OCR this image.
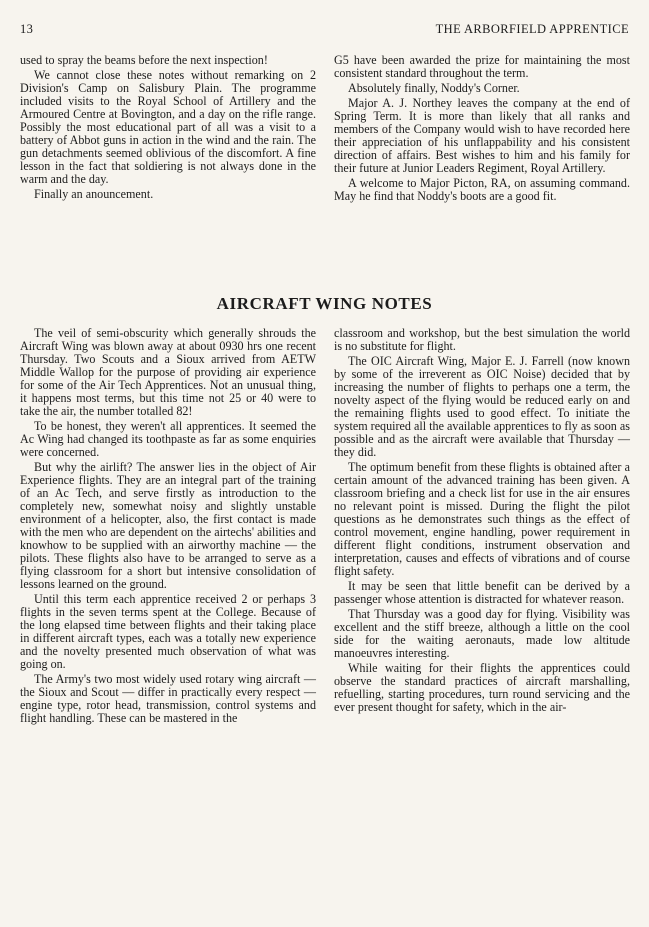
13	THE ARBORFIELD APPRENTICE

used to spray the beams before the next inspection!

We cannot close these notes without remarking on 2 Division's Camp on Salisbury Plain. The programme included visits to the Royal School of Artillery and the Armoured Centre at Bovington, and a day on the rifle range. Possibly the most educational part of all was a visit to a battery of Abbot guns in action in the wind and the rain. The gun detachments seemed oblivious of the discomfort. A fine lesson in the fact that soldiering is not always done in the warm and the day.

Finally an anouncement.

G5 have been awarded the prize for maintaining the most consistent standard throughout the term.

Absolutely finally, Noddy's Corner.

Major A. J. Northey leaves the company at the end of Spring Term. It is more than likely that all ranks and members of the Company would wish to have recorded here their appreciation of his unflappability and his consistent direction of affairs. Best wishes to him and his family for their future at Junior Leaders Regiment, Royal Artillery.

A welcome to Major Picton, RA, on assuming command. May he find that Noddy's boots are a good fit.

AIRCRAFT WING NOTES

The veil of semi-obscurity which generally shrouds the Aircraft Wing was blown away at about 0930 hrs one recent Thursday. Two Scouts and a Sioux arrived from AETW Middle Wallop for the purpose of providing air experience for some of the Air Tech Apprentices. Not an unusual thing, it happens most terms, but this time not 25 or 40 were to take the air, the number totalled 82!

To be honest, they weren't all apprentices. It seemed the Ac Wing had changed its toothpaste as far as some enquiries were concerned.

But why the airlift? The answer lies in the object of Air Experience flights. They are an integral part of the training of an Ac Tech, and serve firstly as introduction to the completely new, somewhat noisy and slightly unstable environment of a helicopter, also, the first contact is made with the men who are dependent on the airtechs' abilities and knowhow to be supplied with an airworthy machine — the pilots. These flights also have to be arranged to serve as a flying classroom for a short but intensive consolidation of lessons learned on the ground.

Until this term each apprentice received 2 or perhaps 3 flights in the seven terms spent at the College. Because of the long elapsed time between flights and their taking place in different aircraft types, each was a totally new experience and the novelty presented much observation of what was going on.

The Army's two most widely used rotary wing aircraft — the Sioux and Scout — differ in practically every respect — engine type, rotor head, transmission, control systems and flight handling. These can be mastered in the

classroom and workshop, but the best simulation the world is no substitute for flight.

The OIC Aircraft Wing, Major E. J. Farrell (now known by some of the irreverent as OIC Noise) decided that by increasing the number of flights to perhaps one a term, the novelty aspect of the flying would be reduced early on and the remaining flights used to good effect. To initiate the system required all the available apprentices to fly as soon as possible and as the aircraft were available that Thursday — they did.

The optimum benefit from these flights is obtained after a certain amount of the advanced training has been given. A classroom briefing and a check list for use in the air ensures no relevant point is missed. During the flight the pilot questions as he demonstrates such things as the effect of control movement, engine handling, power requirement in different flight conditions, instrument observation and interpretation, causes and effects of vibrations and of course flight safety.

It may be seen that little benefit can be derived by a passenger whose attention is distracted for whatever reason.

That Thursday was a good day for flying. Visibility was excellent and the stiff breeze, although a little on the cool side for the waiting aeronauts, made low altitude manoeuvres interesting.

While waiting for their flights the apprentices could observe the standard practices of aircraft marshalling, refuelling, starting procedures, turn round servicing and the ever present thought for safety, which in the air-
